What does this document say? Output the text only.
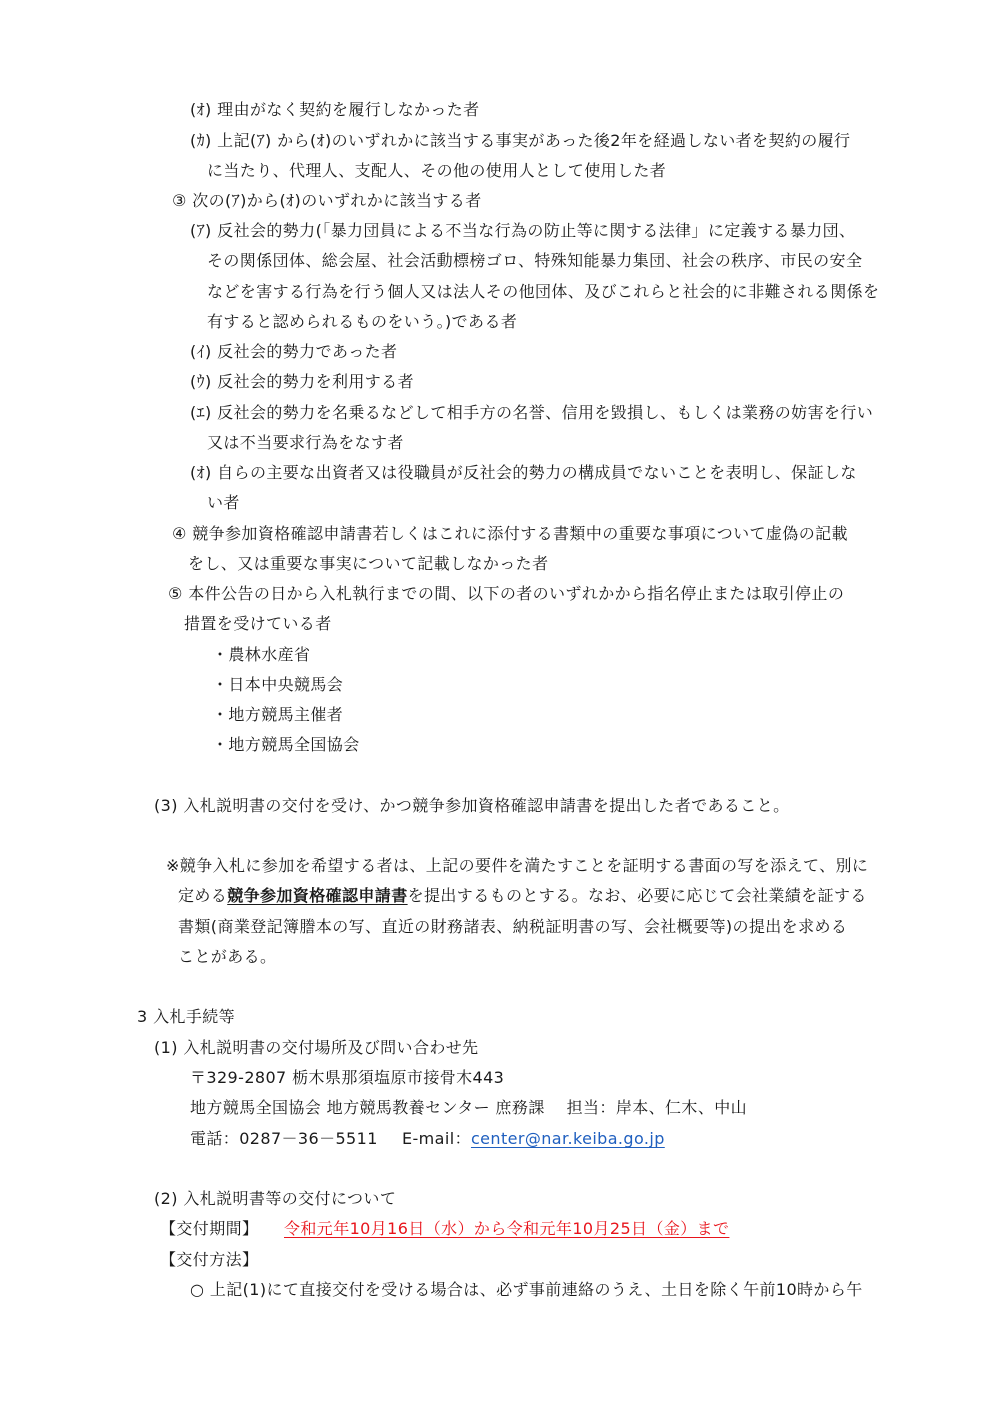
(ｵ) 理由がなく契約を履行しなかった者
(ｶ) 上記(ｱ) から(ｵ)のいずれかに該当する事実があった後2年を経過しない者を契約の履行
に当たり、代理人、支配人、その他の使用人として使用した者
③ 次の(ｱ)から(ｵ)のいずれかに該当する者
(ｱ) 反社会的勢力(「暴力団員による不当な行為の防止等に関する法律」に定義する暴力団、
その関係団体、総会屋、社会活動標榜ゴロ、特殊知能暴力集団、社会の秩序、市民の安全
などを害する行為を行う個人又は法人その他団体、及びこれらと社会的に非難される関係を
有すると認められるものをいう。)である者
(ｲ) 反社会的勢力であった者
(ｳ) 反社会的勢力を利用する者
(ｴ) 反社会的勢力を名乗るなどして相手方の名誉、信用を毀損し、もしくは業務の妨害を行い
又は不当要求行為をなす者
(ｵ) 自らの主要な出資者又は役職員が反社会的勢力の構成員でないことを表明し、保証しな
い者
④ 競争参加資格確認申請書若しくはこれに添付する書類中の重要な事項について虚偽の記載
をし、又は重要な事実について記載しなかった者
⑤ 本件公告の日から入札執行までの間、以下の者のいずれかから指名停止または取引停止の
措置を受けている者
・農林水産省
・日本中央競馬会
・地方競馬主催者
・地方競馬全国協会
(3) 入札説明書の交付を受け、かつ競争参加資格確認申請書を提出した者であること。
※競争入札に参加を希望する者は、上記の要件を満たすことを証明する書面の写を添えて、別に
定める競争参加資格確認申請書を提出するものとする。なお、必要に応じて会社業績を証する
書類(商業登記簿謄本の写、直近の財務諸表、納税証明書の写、会社概要等)の提出を求める
ことがある。
3 入札手続等
(1) 入札説明書の交付場所及び問い合わせ先
〒329-2807 栃木県那須塩原市接骨木443
地方競馬全国協会 地方競馬教養センター 庶務課　 担当：岸本、仁木、中山
電話：0287－36－5511 E-mail：center@nar.keiba.go.jp
(2) 入札説明書等の交付について
【交付期間】 令和元年10月16日（水）から令和元年10月25日（金）まで
【交付方法】
○ 上記(1)にて直接交付を受ける場合は、必ず事前連絡のうえ、土日を除く午前10時から午
